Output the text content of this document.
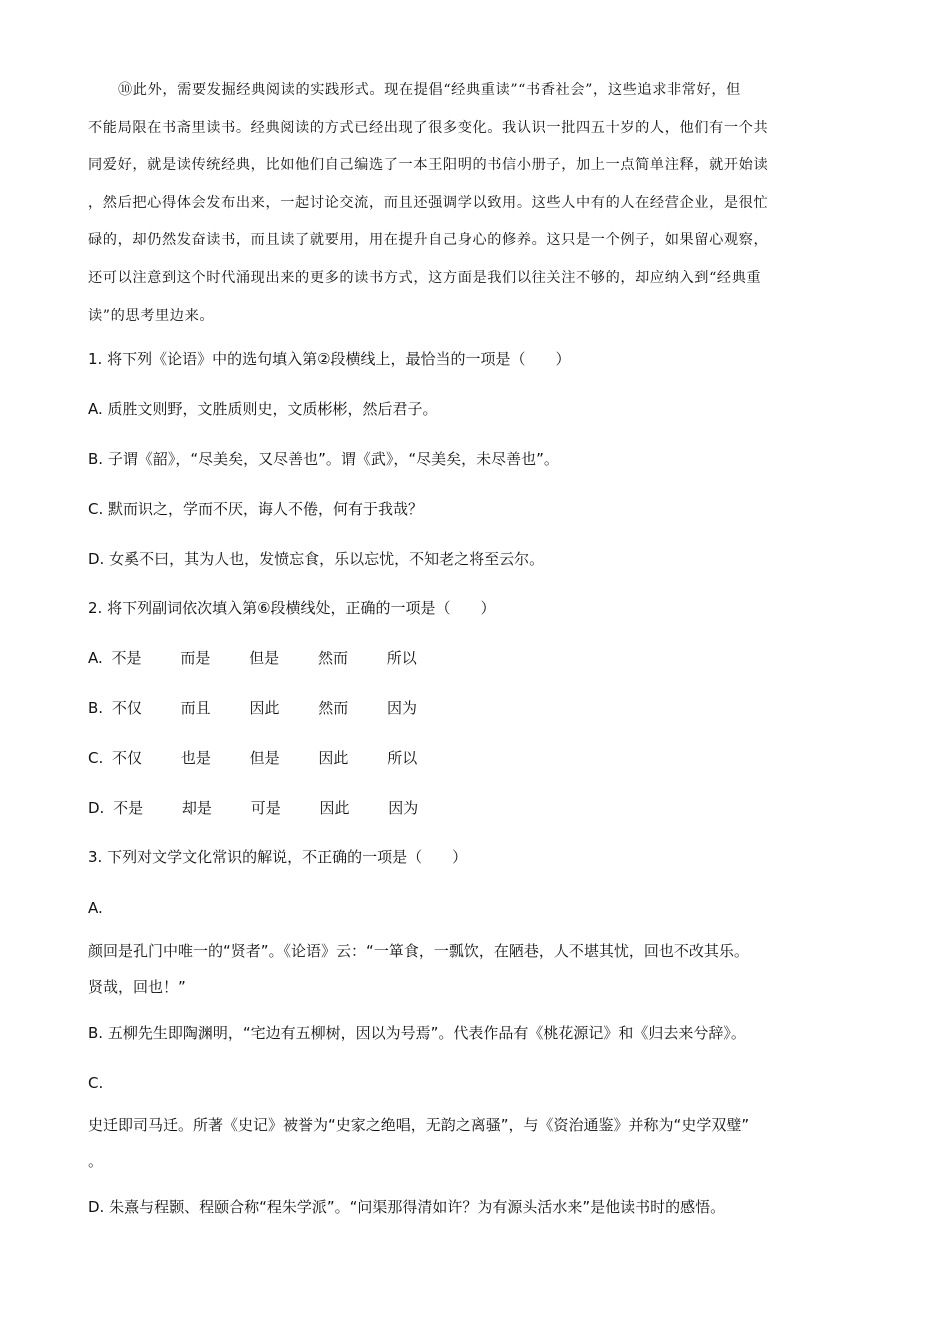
⑩此外，需要发掘经典阅读的实践形式。现在提倡“经典重读”“书香社会”，这些追求非常好，但
不能局限在书斋里读书。经典阅读的方式已经出现了很多变化。我认识一批四五十岁的人，他们有一个共
同爱好，就是读传统经典，比如他们自己编选了一本王阳明的书信小册子，加上一点简单注释，就开始读
，然后把心得体会发布出来，一起讨论交流，而且还强调学以致用。这些人中有的人在经营企业，是很忙
碌的，却仍然发奋读书，而且读了就要用，用在提升自己身心的修养。这只是一个例子，如果留心观察，
还可以注意到这个时代涌现出来的更多的读书方式，这方面是我们以往关注不够的，却应纳入到“经典重
读”的思考里边来。
1. 将下列《论语》中的选句填入第②段横线上，最恰当的一项是（　　）
A. 质胜文则野，文胜质则史，文质彬彬，然后君子。
B. 子谓《韶》，“尽美矣，又尽善也”。谓《武》，“尽美矣，未尽善也”。
C. 默而识之，学而不厌，诲人不倦，何有于我哉？
D. 女奚不曰，其为人也，发愤忘食，乐以忘忧，不知老之将至云尔。
2. 将下列副词依次填入第⑥段横线处，正确的一项是（　　）
A. 不是	而是	但是	然而	所以
B. 不仅	而且	因此	然而	因为
C. 不仅	也是	但是	因此	所以
D. 不是	却是	可是	因此	因为
3. 下列对文学文化常识的解说，不正确的一项是（　　）
A.
颜回是孔门中唯一的“贤者”。《论语》云：“一箪食，一瓢饮，在陋巷，人不堪其忧，回也不改其乐。
贤哉，回也！”
B. 五柳先生即陶渊明，“宅边有五柳树，因以为号焉”。代表作品有《桃花源记》和《归去来兮辞》。
C.
史迁即司马迁。所著《史记》被誉为“史家之绝唱，无韵之离骚”，与《资治通鉴》并称为“史学双璧”
。
D. 朱熹与程颢、程颐合称“程朱学派”。“问渠那得清如许？为有源头活水来”是他读书时的感悟。
